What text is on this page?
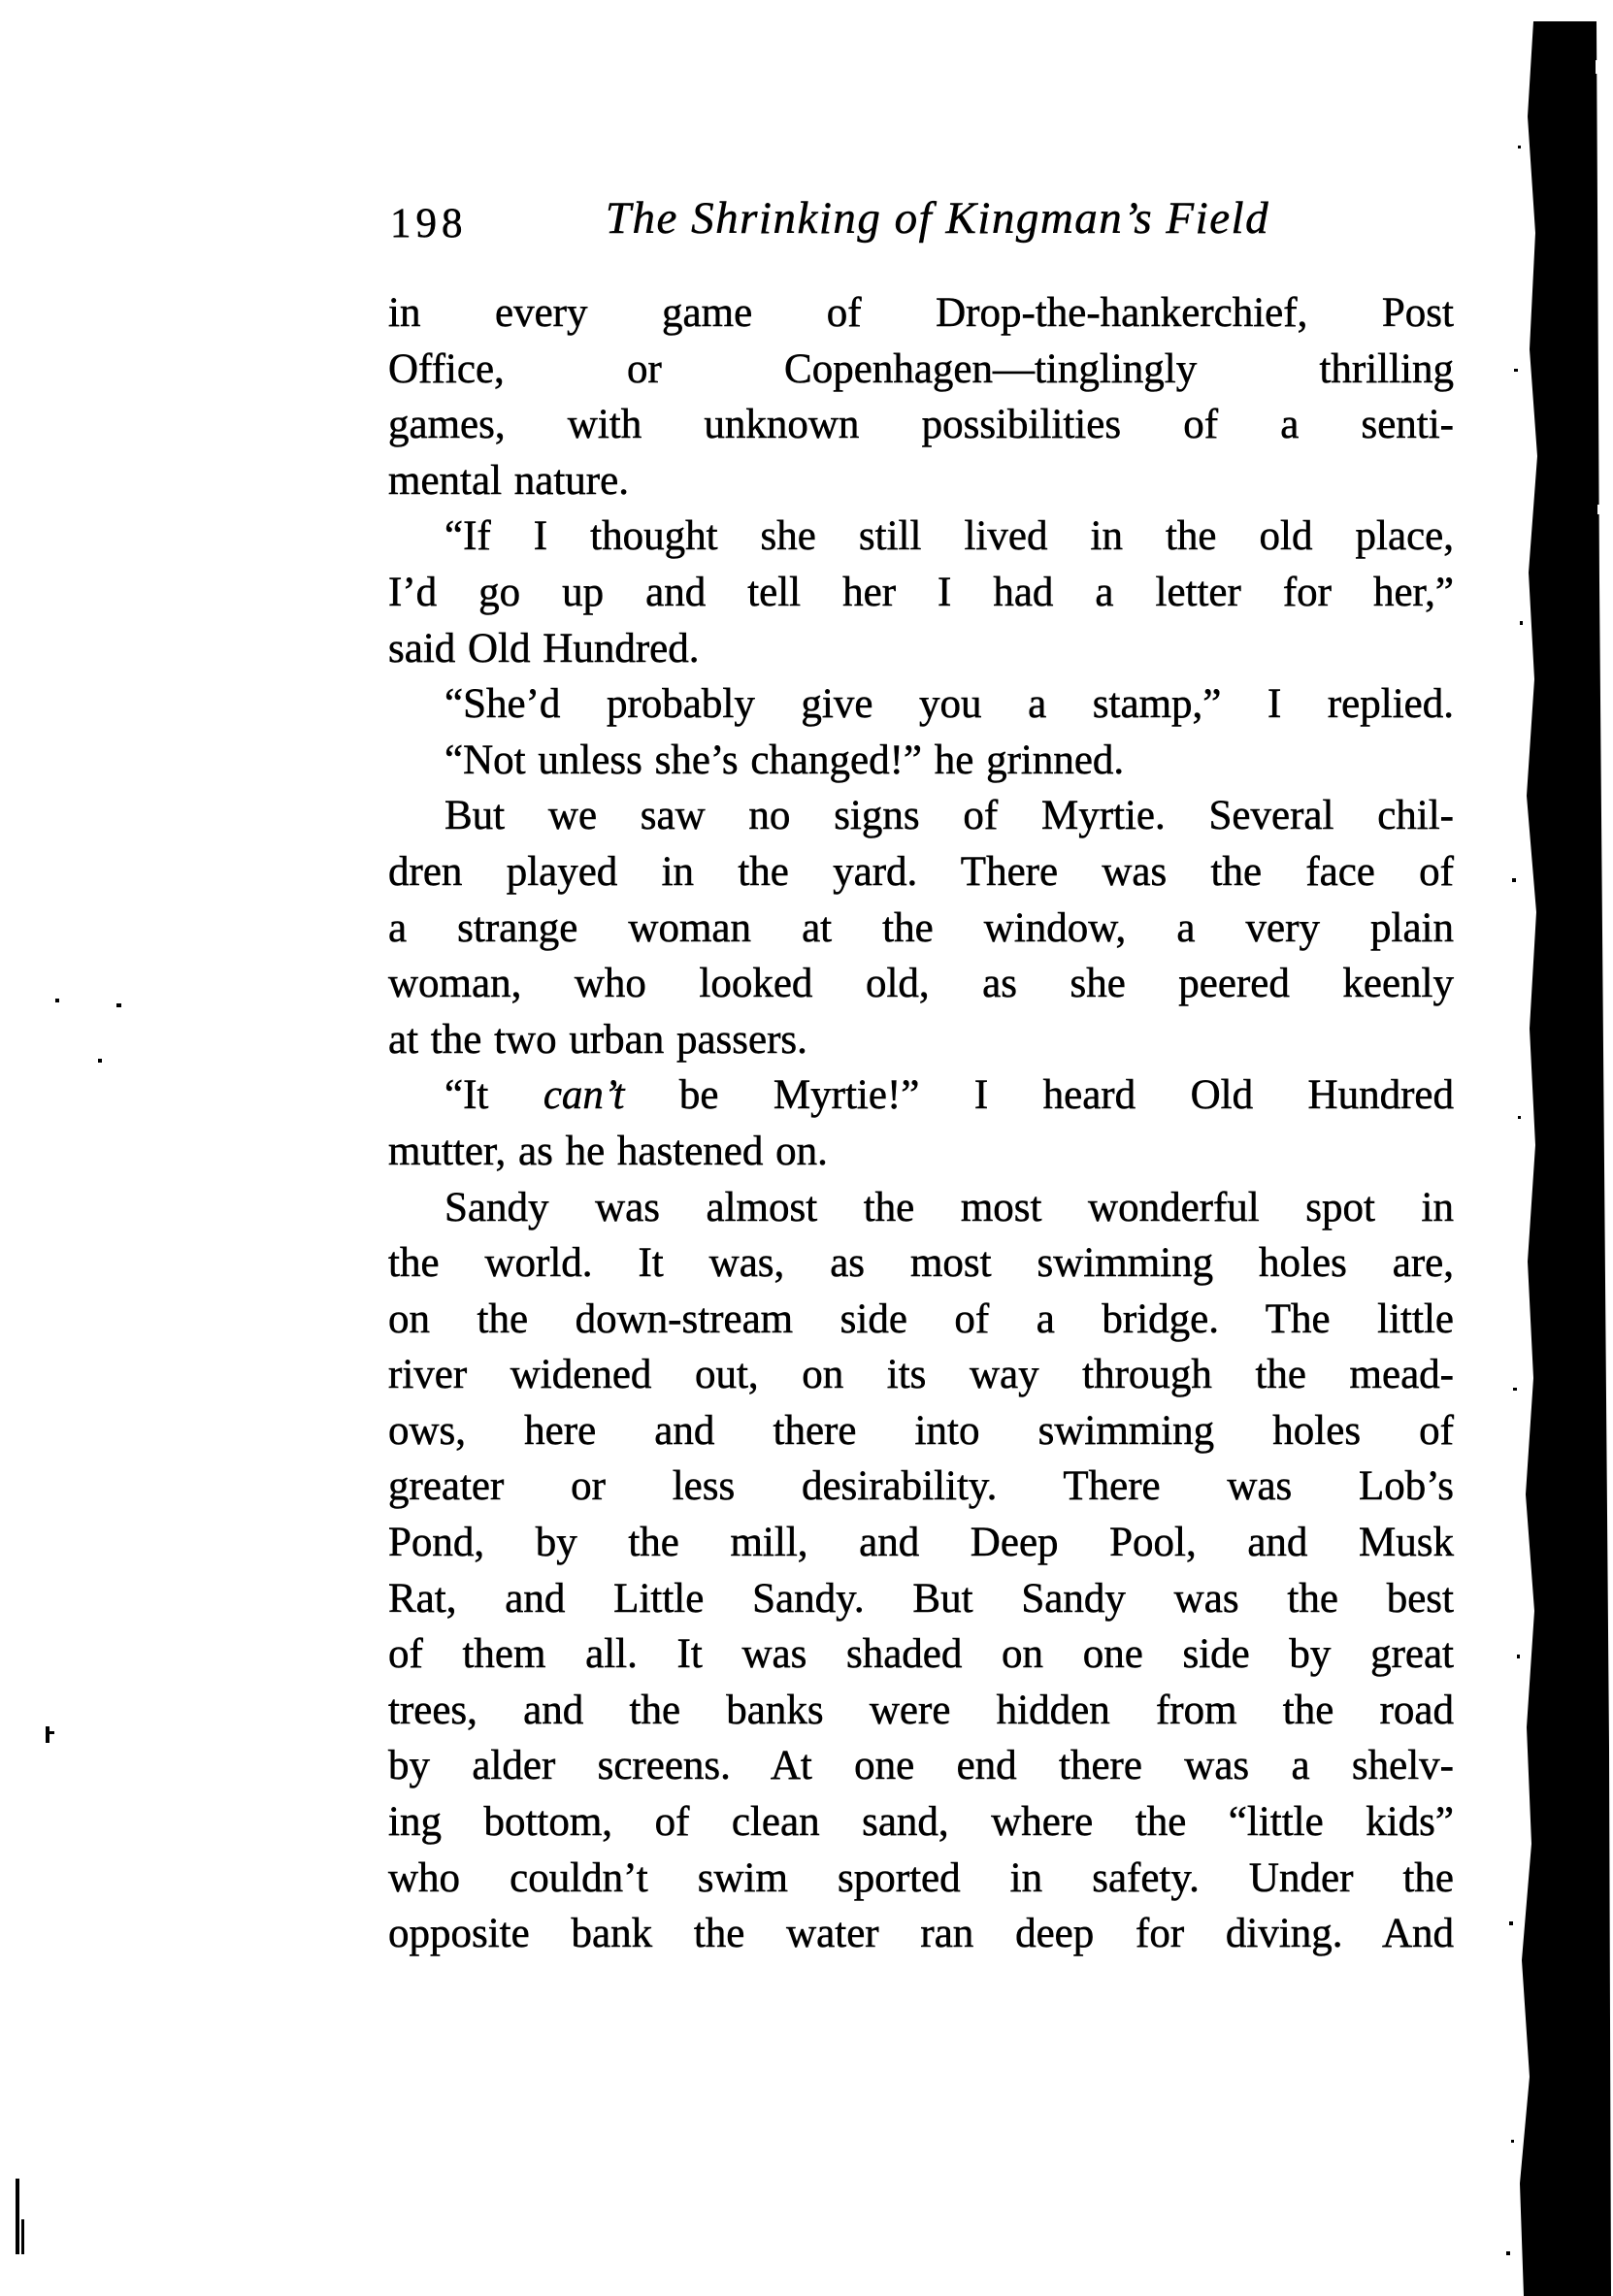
198	The Shrinking of Kingman’s Field
in every game of Drop-the-hankerchief, Post
Office, or Copenhagen—tinglingly thrilling
games, with unknown possibilities of a senti-
mental nature.
“If I thought she still lived in the old place,
I’d go up and tell her I had a letter for her,”
said Old Hundred.
“She’d probably give you a stamp,” I replied.
“Not unless she’s changed!” he grinned.
But we saw no signs of Myrtie. Several chil-
dren played in the yard. There was the face of
a strange woman at the window, a very plain
woman, who looked old, as she peered keenly
at the two urban passers.
“It can’t be Myrtie!” I heard Old Hundred
mutter, as he hastened on.
Sandy was almost the most wonderful spot in
the world. It was, as most swimming holes are,
on the down-stream side of a bridge. The little
river widened out, on its way through the mead-
ows, here and there into swimming holes of
greater or less desirability. There was Lob’s
Pond, by the mill, and Deep Pool, and Musk
Rat, and Little Sandy. But Sandy was the best
of them all. It was shaded on one side by great
trees, and the banks were hidden from the road
by alder screens. At one end there was a shelv-
ing bottom, of clean sand, where the “little kids”
who couldn’t swim sported in safety. Under the
opposite bank the water ran deep for diving. And
